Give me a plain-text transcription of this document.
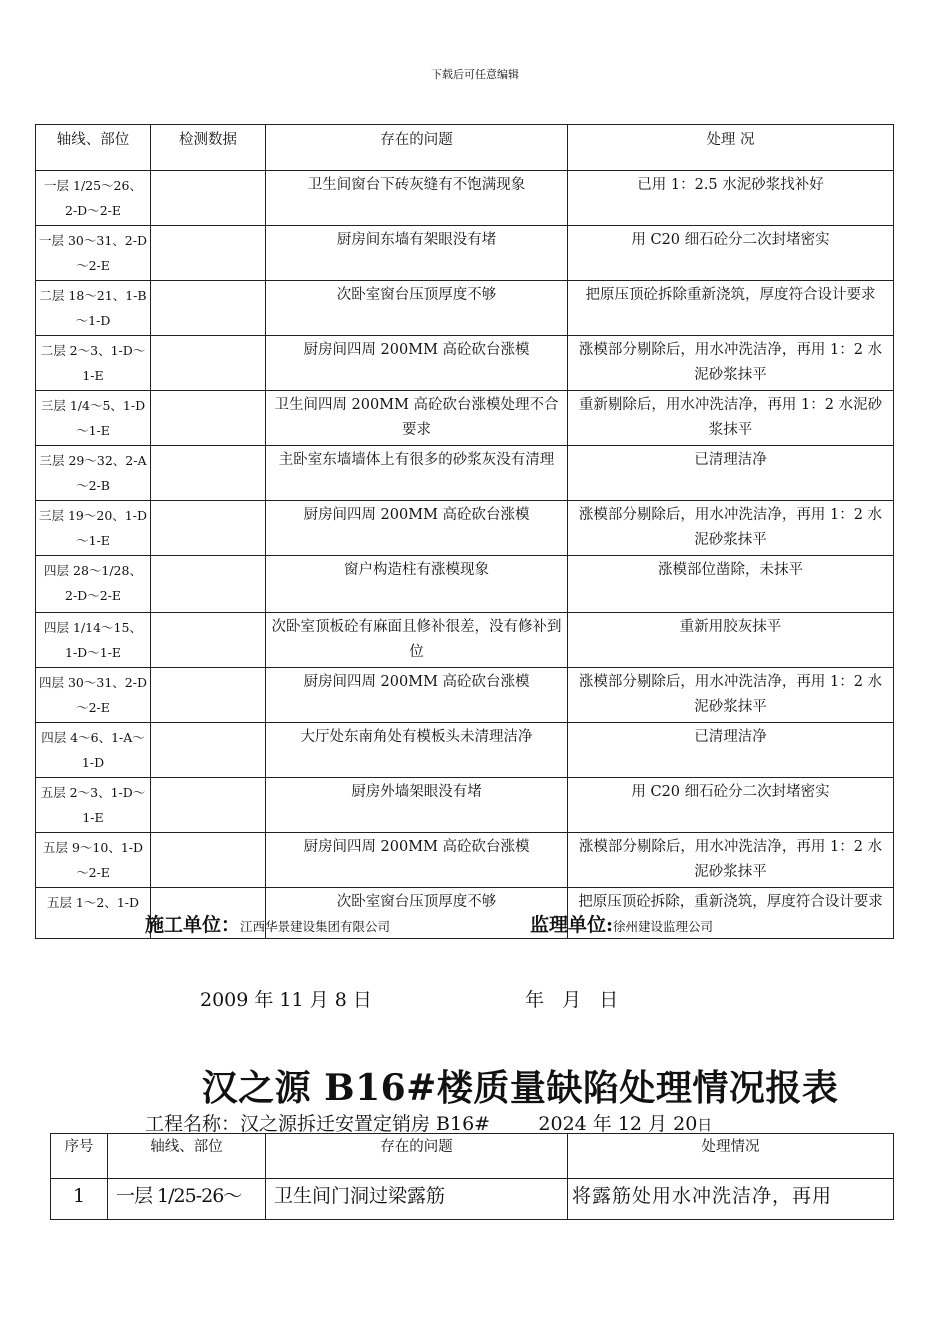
下载后可任意编辑
轴线、部位	检测数据	存在的问题	处理 况
一层 1/25～26、2-D～2-E		卫生间窗台下砖灰缝有不饱满现象	已用 1：2.5 水泥砂浆找补好
一层 30～31、2-D～2-E		厨房间东墙有架眼没有堵	用 C20 细石砼分二次封堵密实
二层 18～21、1-B～1-D		次卧室窗台压顶厚度不够	把原压顶砼拆除重新浇筑，厚度符合设计要求
二层 2～3、1-D～1-E		厨房间四周 200MM 高砼砍台涨模	涨模部分剔除后，用水冲洗洁净，再用 1：2 水泥砂浆抹平
三层 1/4～5、1-D～1-E		卫生间四周 200MM 高砼砍台涨模处理不合要求	重新剔除后，用水冲洗洁净，再用 1：2 水泥砂浆抹平
三层 29～32、2-A～2-B		主卧室东墙墙体上有很多的砂浆灰没有清理	已清理洁净
三层 19～20、1-D～1-E		厨房间四周 200MM 高砼砍台涨模	涨模部分剔除后，用水冲洗洁净，再用 1：2 水泥砂浆抹平
四层 28～1/28、2-D～2-E		窗户构造柱有涨模现象	涨模部位凿除，未抹平
四层 1/14～15、1-D～1-E		次卧室顶板砼有麻面且修补很差，没有修补到位	重新用胶灰抹平
四层 30～31、2-D～2-E		厨房间四周 200MM 高砼砍台涨模	涨模部分剔除后，用水冲洗洁净，再用 1：2 水泥砂浆抹平
四层 4～6、1-A～1-D		大厅处东南角处有模板头未清理洁净	已清理洁净
五层 2～3、1-D～1-E		厨房外墙架眼没有堵	用 C20 细石砼分二次封堵密实
五层 9～10、1-D～2-E		厨房间四周 200MM 高砼砍台涨模	涨模部分剔除后，用水冲洗洁净，再用 1：2 水泥砂浆抹平
五层 1～2、1-D		次卧室窗台压顶厚度不够	把原压顶砼拆除，重新浇筑，厚度符合设计要求
施工单位：江西华景建设集团有限公司	监理单位:徐州建设监理公司
2009 年 11 月 8 日	年   月   日
汉之源 B16#楼质量缺陷处理情况报表
工程名称：汉之源拆迁安置定销房 B16#        2024 年 12 月 20日
序号	轴线、部位	存在的问题	处理情况
1	一层 1/25-26～	卫生间门洞过梁露筋	将露筋处用水冲洗洁净，再用
